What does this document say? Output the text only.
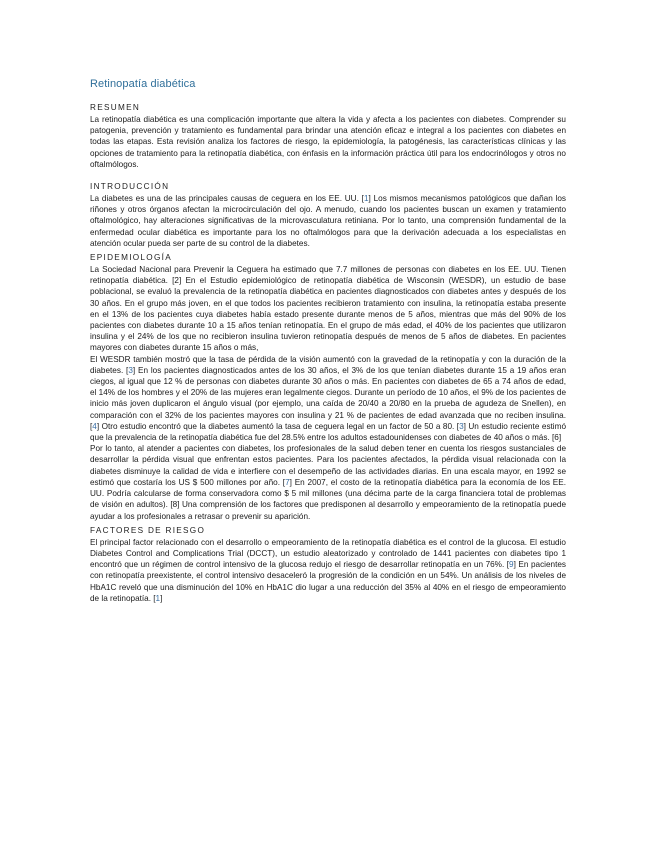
Retinopatía diabética
RESUMEN

La retinopatía diabética es una complicación importante que altera la vida y afecta a los pacientes con diabetes. Comprender su patogenia, prevención y tratamiento es fundamental para brindar una atención eficaz e integral a los pacientes con diabetes en todas las etapas. Esta revisión analiza los factores de riesgo, la epidemiología, la patogénesis, las características clínicas y las opciones de tratamiento para la retinopatía diabética, con énfasis en la información práctica útil para los endocrinólogos y otros no oftalmólogos.

INTRODUCCIÓN

La diabetes es una de las principales causas de ceguera en los EE. UU. [1] Los mismos mecanismos patológicos que dañan los riñones y otros órganos afectan la microcirculación del ojo. A menudo, cuando los pacientes buscan un examen y tratamiento oftalmológico, hay alteraciones significativas de la microvasculatura retiniana. Por lo tanto, una comprensión fundamental de la enfermedad ocular diabética es importante para los no oftalmólogos para que la derivación adecuada a los especialistas en atención ocular pueda ser parte de su control de la diabetes.

EPIDEMIOLOGÍA

La Sociedad Nacional para Prevenir la Ceguera ha estimado que 7.7 millones de personas con diabetes en los EE. UU. Tienen retinopatía diabética. [2] En el Estudio epidemiológico de retinopatía diabética de Wisconsin (WESDR), un estudio de base poblacional, se evaluó la prevalencia de la retinopatía diabética en pacientes diagnosticados con diabetes antes y después de los 30 años. En el grupo más joven, en el que todos los pacientes recibieron tratamiento con insulina, la retinopatía estaba presente en el 13% de los pacientes cuya diabetes había estado presente durante menos de 5 años, mientras que más del 90% de los pacientes con diabetes durante 10 a 15 años tenían retinopatía. En el grupo de más edad, el 40% de los pacientes que utilizaron insulina y el 24% de los que no recibieron insulina tuvieron retinopatía después de menos de 5 años de diabetes. En pacientes mayores con diabetes durante 15 años o más,

El WESDR también mostró que la tasa de pérdida de la visión aumentó con la gravedad de la retinopatía y con la duración de la diabetes. [3] En los pacientes diagnosticados antes de los 30 años, el 3% de los que tenían diabetes durante 15 a 19 años eran ciegos, al igual que 12 % de personas con diabetes durante 30 años o más. En pacientes con diabetes de 65 a 74 años de edad, el 14% de los hombres y el 20% de las mujeres eran legalmente ciegos. Durante un período de 10 años, el 9% de los pacientes de inicio más joven duplicaron el ángulo visual (por ejemplo, una caída de 20/40 a 20/80 en la prueba de agudeza de Snellen), en comparación con el 32% de los pacientes mayores con insulina y 21 % de pacientes de edad avanzada que no reciben insulina. [4] Otro estudio encontró que la diabetes aumentó la tasa de ceguera legal en un factor de 50 a 80. [3] Un estudio reciente estimó que la prevalencia de la retinopatía diabética fue del 28.5% entre los adultos estadounidenses con diabetes de 40 años o más. [6]

Por lo tanto, al atender a pacientes con diabetes, los profesionales de la salud deben tener en cuenta los riesgos sustanciales de desarrollar la pérdida visual que enfrentan estos pacientes. Para los pacientes afectados, la pérdida visual relacionada con la diabetes disminuye la calidad de vida e interfiere con el desempeño de las actividades diarias. En una escala mayor, en 1992 se estimó que costaría los US $ 500 millones por año. [7] En 2007, el costo de la retinopatía diabética para la economía de los EE. UU. Podría calcularse de forma conservadora como $ 5 mil millones (una décima parte de la carga financiera total de problemas de visión en adultos). [8] Una comprensión de los factores que predisponen al desarrollo y empeoramiento de la retinopatía puede ayudar a los profesionales a retrasar o prevenir su aparición.

FACTORES DE RIESGO

El principal factor relacionado con el desarrollo o empeoramiento de la retinopatía diabética es el control de la glucosa. El estudio Diabetes Control and Complications Trial (DCCT), un estudio aleatorizado y controlado de 1441 pacientes con diabetes tipo 1 encontró que un régimen de control intensivo de la glucosa redujo el riesgo de desarrollar retinopatía en un 76%. [9] En pacientes con retinopatía preexistente, el control intensivo desaceleró la progresión de la condición en un 54%. Un análisis de los niveles de HbA1C reveló que una disminución del 10% en HbA1C dio lugar a una reducción del 35% al 40% en el riesgo de empeoramiento de la retinopatía. [1]
